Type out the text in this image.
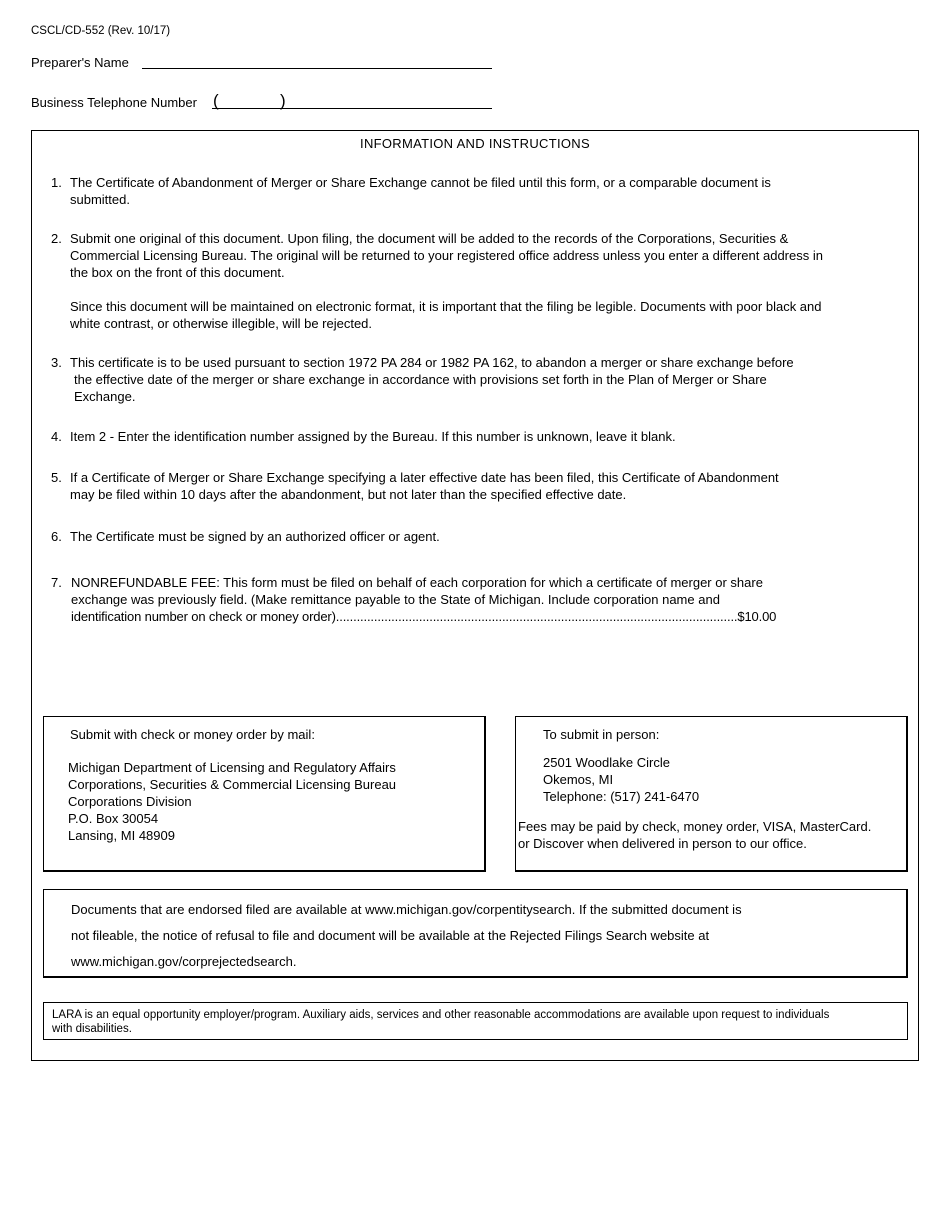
CSCL/CD-552 (Rev. 10/17)
Preparer's Name
Business Telephone Number (	)
INFORMATION AND INSTRUCTIONS
1. The Certificate of Abandonment of Merger or Share Exchange cannot be filed until this form, or a comparable document is
submitted.
2. Submit one original of this document. Upon filing, the document will be added to the records of the Corporations, Securities &
Commercial Licensing Bureau. The original will be returned to your registered office address unless you enter a different address in
the box on the front of this document.
Since this document will be maintained on electronic format, it is important that the filing be legible. Documents with poor black and
white contrast, or otherwise illegible, will be rejected.
3. This certificate is to be used pursuant to section 1972 PA 284 or 1982 PA 162, to abandon a merger or share exchange before
the effective date of the merger or share exchange in accordance with provisions set forth in the Plan of Merger or Share
Exchange.
4. Item 2 - Enter the identification number assigned by the Bureau. If this number is unknown, leave it blank.
5. If a Certificate of Merger or Share Exchange specifying a later effective date has been filed, this Certificate of Abandonment
may be filed within 10 days after the abandonment, but not later than the specified effective date.
6. The Certificate must be signed by an authorized officer or agent.
7. NONREFUNDABLE FEE: This form must be filed on behalf of each corporation for which a certificate of merger or share
exchange was previously field. (Make remittance payable to the State of Michigan. Include corporation name and
identification number on check or money order)....................................................................................................................$10.00
Submit with check or money order by mail:
Michigan Department of Licensing and Regulatory Affairs
Corporations, Securities & Commercial Licensing Bureau
Corporations Division
P.O. Box 30054
Lansing, MI 48909
To submit in person:
2501 Woodlake Circle
Okemos, MI
Telephone: (517) 241-6470
Fees may be paid by check, money order, VISA, MasterCard.
or Discover when delivered in person to our office.
Documents that are endorsed filed are available at www.michigan.gov/corpentitysearch. If the submitted document is
not fileable, the notice of refusal to file and document will be available at the Rejected Filings Search website at
www.michigan.gov/corprejectedsearch.
LARA is an equal opportunity employer/program. Auxiliary aids, services and other reasonable accommodations are available upon request to individuals
with disabilities.
